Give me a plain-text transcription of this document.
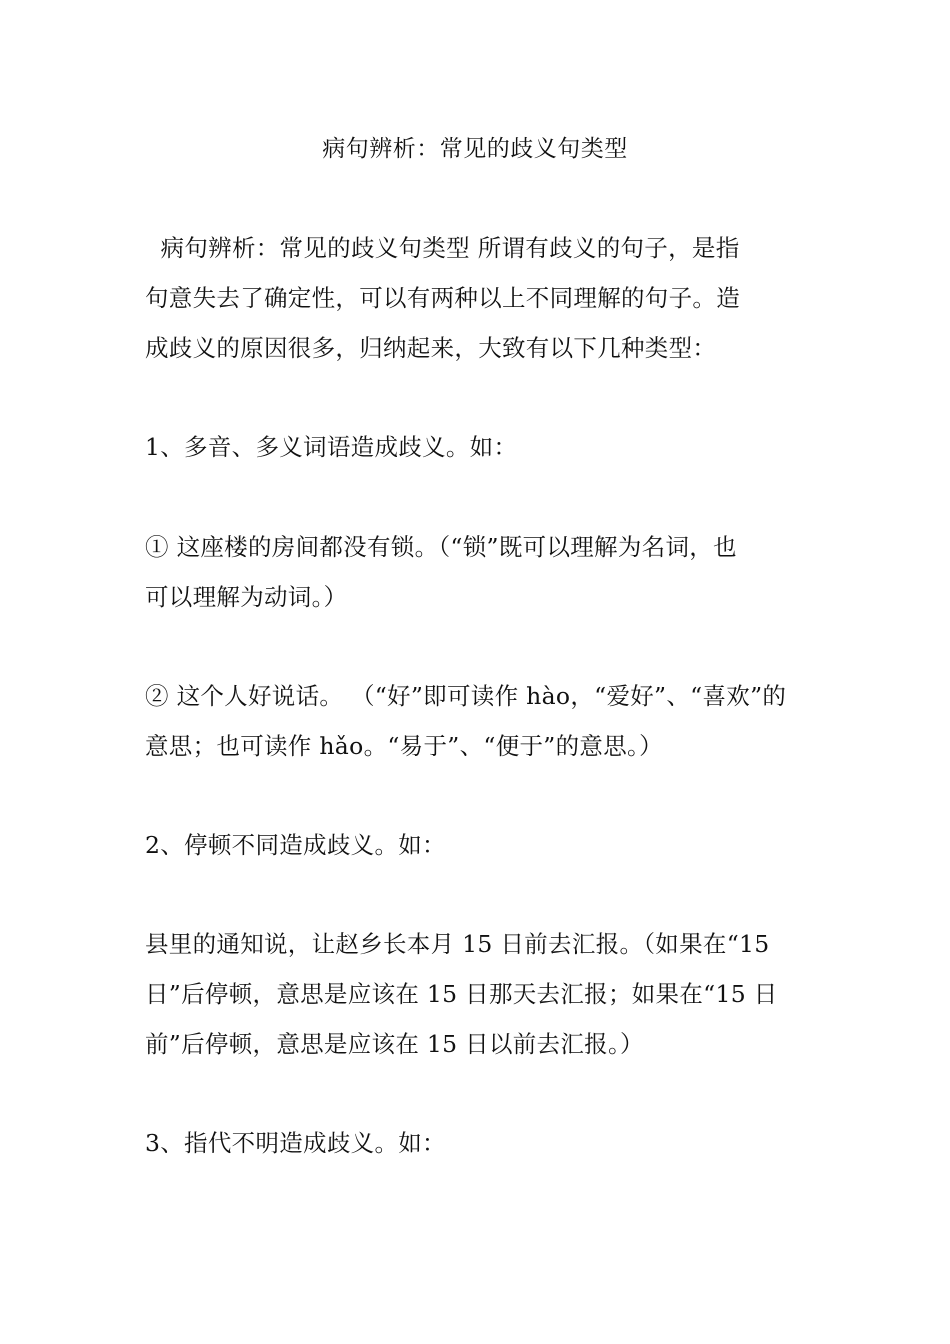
病句辨析：常见的歧义句类型
病句辨析：常见的歧义句类型 所谓有歧义的句子，是指
句意失去了确定性，可以有两种以上不同理解的句子。造
成歧义的原因很多，归纳起来，大致有以下几种类型：
1、多音、多义词语造成歧义。如：
① 这座楼的房间都没有锁。（“锁”既可以理解为名词，也
可以理解为动词。）
② 这个人好说话。 （“好”即可读作 hào，“爱好”、“喜欢”的
意思；也可读作 hǎo。“易于”、“便于”的意思。）
2、停顿不同造成歧义。如：
县里的通知说，让赵乡长本月 15 日前去汇报。（如果在“15
日”后停顿，意思是应该在 15 日那天去汇报；如果在“15 日
前”后停顿，意思是应该在 15 日以前去汇报。）
3、指代不明造成歧义。如：
